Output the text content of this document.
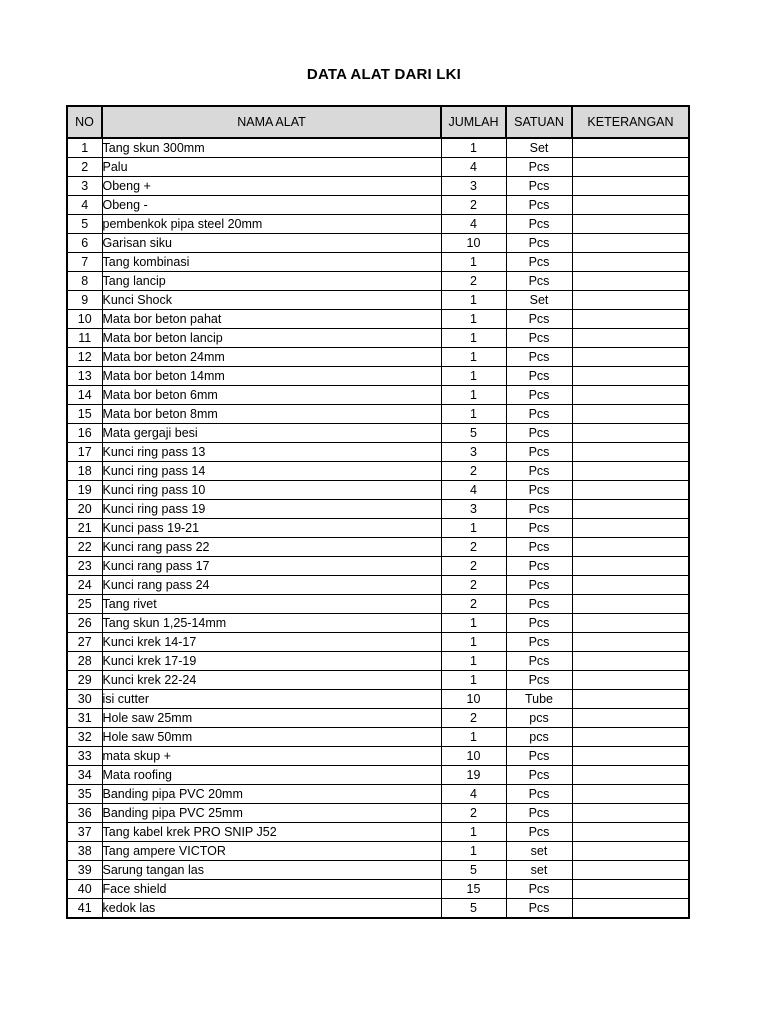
DATA ALAT DARI LKI
NO	NAMA ALAT	JUMLAH	SATUAN	KETERANGAN
1	Tang skun 300mm	1	Set	
2	Palu	4	Pcs	
3	Obeng +	3	Pcs	
4	Obeng -	2	Pcs	
5	pembenkok pipa steel 20mm	4	Pcs	
6	Garisan siku	10	Pcs	
7	Tang kombinasi	1	Pcs	
8	Tang lancip	2	Pcs	
9	Kunci Shock	1	Set	
10	Mata bor beton pahat	1	Pcs	
11	Mata bor beton lancip	1	Pcs	
12	Mata bor beton 24mm	1	Pcs	
13	Mata bor beton 14mm	1	Pcs	
14	Mata bor beton 6mm	1	Pcs	
15	Mata bor beton 8mm	1	Pcs	
16	Mata gergaji besi	5	Pcs	
17	Kunci ring pass 13	3	Pcs	
18	Kunci ring pass 14	2	Pcs	
19	Kunci ring pass 10	4	Pcs	
20	Kunci ring pass 19	3	Pcs	
21	Kunci pass 19-21	1	Pcs	
22	Kunci rang pass 22	2	Pcs	
23	Kunci rang pass 17	2	Pcs	
24	Kunci rang pass 24	2	Pcs	
25	Tang rivet	2	Pcs	
26	Tang skun 1,25-14mm	1	Pcs	
27	Kunci krek 14-17	1	Pcs	
28	Kunci krek 17-19	1	Pcs	
29	Kunci krek 22-24	1	Pcs	
30	isi cutter	10	Tube	
31	Hole saw 25mm	2	pcs	
32	Hole saw 50mm	1	pcs	
33	mata skup +	10	Pcs	
34	Mata roofing	19	Pcs	
35	Banding pipa PVC 20mm	4	Pcs	
36	Banding pipa PVC 25mm	2	Pcs	
37	Tang kabel krek PRO SNIP J52	1	Pcs	
38	Tang ampere VICTOR	1	set	
39	Sarung tangan las	5	set	
40	Face shield	15	Pcs	
41	kedok las	5	Pcs	
